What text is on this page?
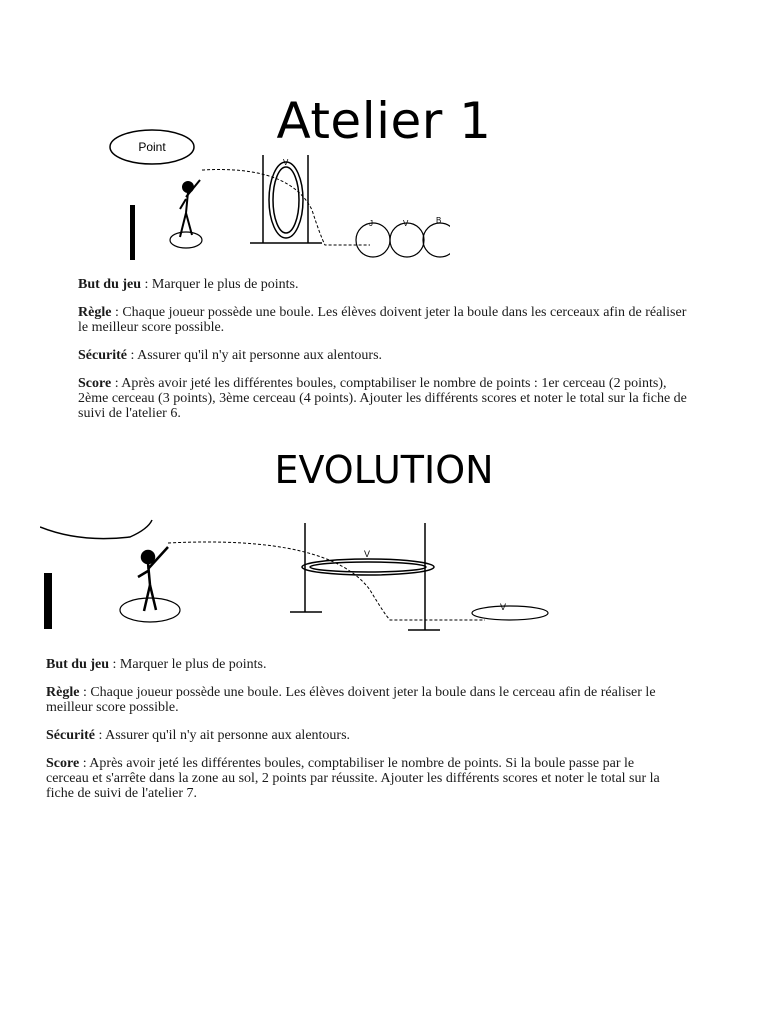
Atelier 1
Point
J	V	B
V

But du jeu : Marquer le plus de points.

Règle : Chaque joueur possède une boule. Les élèves doivent jeter la boule dans les cerceaux afin de réaliser le meilleur score possible.

Sécurité : Assurer qu'il n'y ait personne aux alentours.

Score : Après avoir jeté les différentes boules, comptabiliser le nombre de points : 1er cerceau (2 points), 2ème cerceau (3 points), 3ème cerceau (4 points). Ajouter les différents scores et noter le total sur la fiche de suivi de l'atelier 6.

EVOLUTION
V
V

But du jeu : Marquer le plus de points.

Règle : Chaque joueur possède une boule. Les élèves doivent jeter la boule dans le cerceau afin de réaliser le meilleur score possible.

Sécurité : Assurer qu'il n'y ait personne aux alentours.

Score : Après avoir jeté les différentes boules, comptabiliser le nombre de points. Si la boule passe par le cerceau et s'arrête dans la zone au sol, 2 points par réussite. Ajouter les différents scores et noter le total sur la fiche de suivi de l'atelier 7.
